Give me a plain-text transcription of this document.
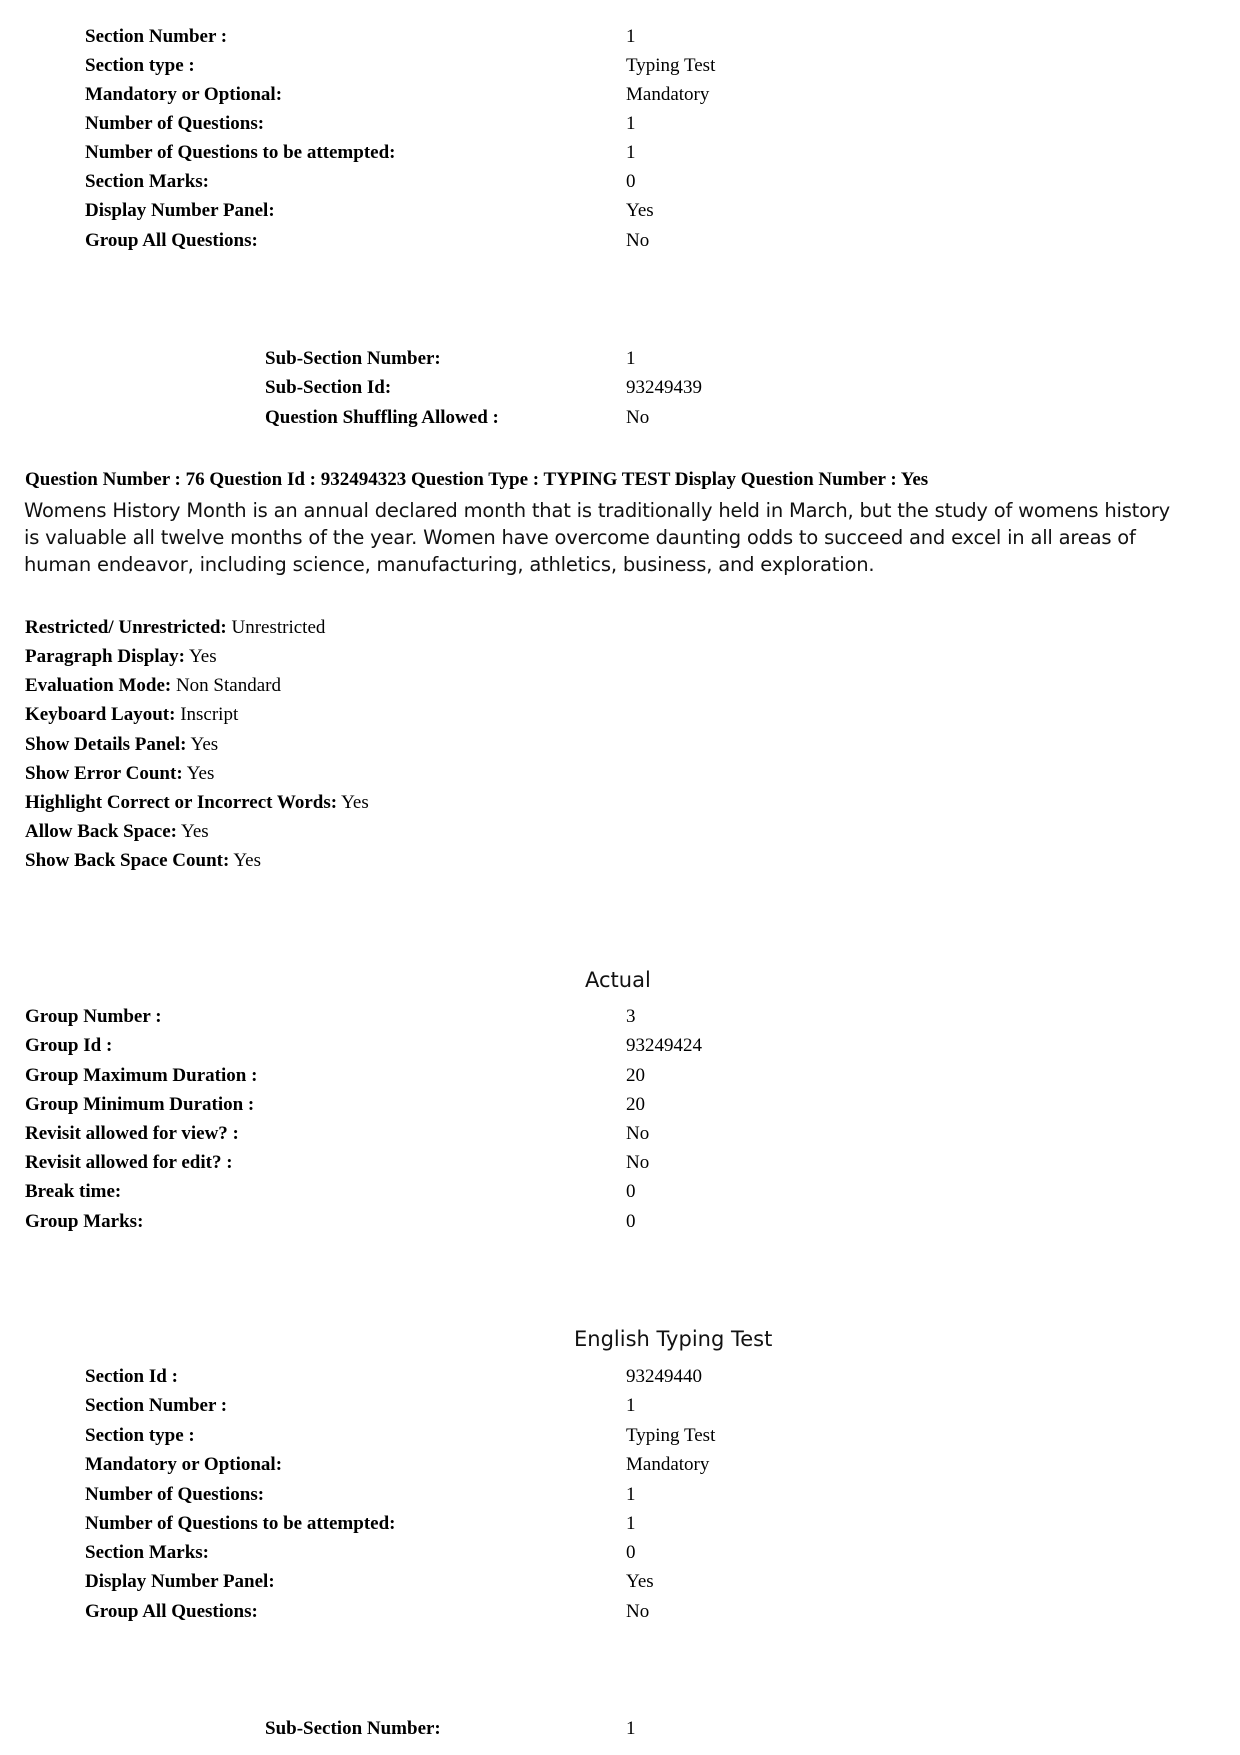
Section Number :	1
Section type :	Typing Test
Mandatory or Optional:	Mandatory
Number of Questions:	1
Number of Questions to be attempted:	1
Section Marks:	0
Display Number Panel:	Yes
Group All Questions:	No
Sub-Section Number:	1
Sub-Section Id:	93249439
Question Shuffling Allowed :	No
Question Number : 76 Question Id : 932494323 Question Type : TYPING TEST Display Question Number : Yes
Womens History Month is an annual declared month that is traditionally held in March, but the study of womens history is valuable all twelve months of the year. Women have overcome daunting odds to succeed and excel in all areas of human endeavor, including science, manufacturing, athletics, business, and exploration.
Restricted/ Unrestricted: Unrestricted
Paragraph Display: Yes
Evaluation Mode: Non Standard
Keyboard Layout: Inscript
Show Details Panel: Yes
Show Error Count: Yes
Highlight Correct or Incorrect Words: Yes
Allow Back Space: Yes
Show Back Space Count: Yes
Actual
Group Number :	3
Group Id :	93249424
Group Maximum Duration :	20
Group Minimum Duration :	20
Revisit allowed for view? :	No
Revisit allowed for edit? :	No
Break time:	0
Group Marks:	0
English Typing Test
Section Id :	93249440
Section Number :	1
Section type :	Typing Test
Mandatory or Optional:	Mandatory
Number of Questions:	1
Number of Questions to be attempted:	1
Section Marks:	0
Display Number Panel:	Yes
Group All Questions:	No
Sub-Section Number:	1
